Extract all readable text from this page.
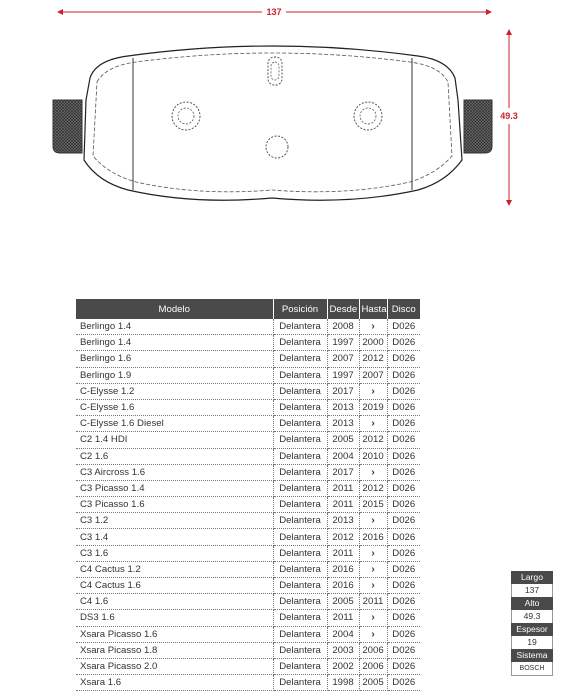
137
49.3
Modelo	Posición	Desde	Hasta	Disco
Berlingo 1.4	Delantera	2008	›	D026
Berlingo 1.4	Delantera	1997	2000	D026
Berlingo 1.6	Delantera	2007	2012	D026
Berlingo 1.9	Delantera	1997	2007	D026
C-Elysse 1.2	Delantera	2017	›	D026
C-Elysse 1.6	Delantera	2013	2019	D026
C-Elysse 1.6 Diesel	Delantera	2013	›	D026
C2 1.4 HDI	Delantera	2005	2012	D026
C2 1.6	Delantera	2004	2010	D026
C3 Aircross 1.6	Delantera	2017	›	D026
C3 Picasso 1.4	Delantera	2011	2012	D026
C3 Picasso 1.6	Delantera	2011	2015	D026
C3 1.2	Delantera	2013	›	D026
C3 1.4	Delantera	2012	2016	D026
C3 1.6	Delantera	2011	›	D026
C4 Cactus 1.2	Delantera	2016	›	D026
C4 Cactus 1.6	Delantera	2016	›	D026
C4 1.6	Delantera	2005	2011	D026
DS3 1.6	Delantera	2011	›	D026
Xsara Picasso 1.6	Delantera	2004	›	D026
Xsara Picasso 1.8	Delantera	2003	2006	D026
Xsara Picasso 2.0	Delantera	2002	2006	D026
Xsara 1.6	Delantera	1998	2005	D026
Largo
137
Alto
49.3
Espesor
19
Sistema
BOSCH
